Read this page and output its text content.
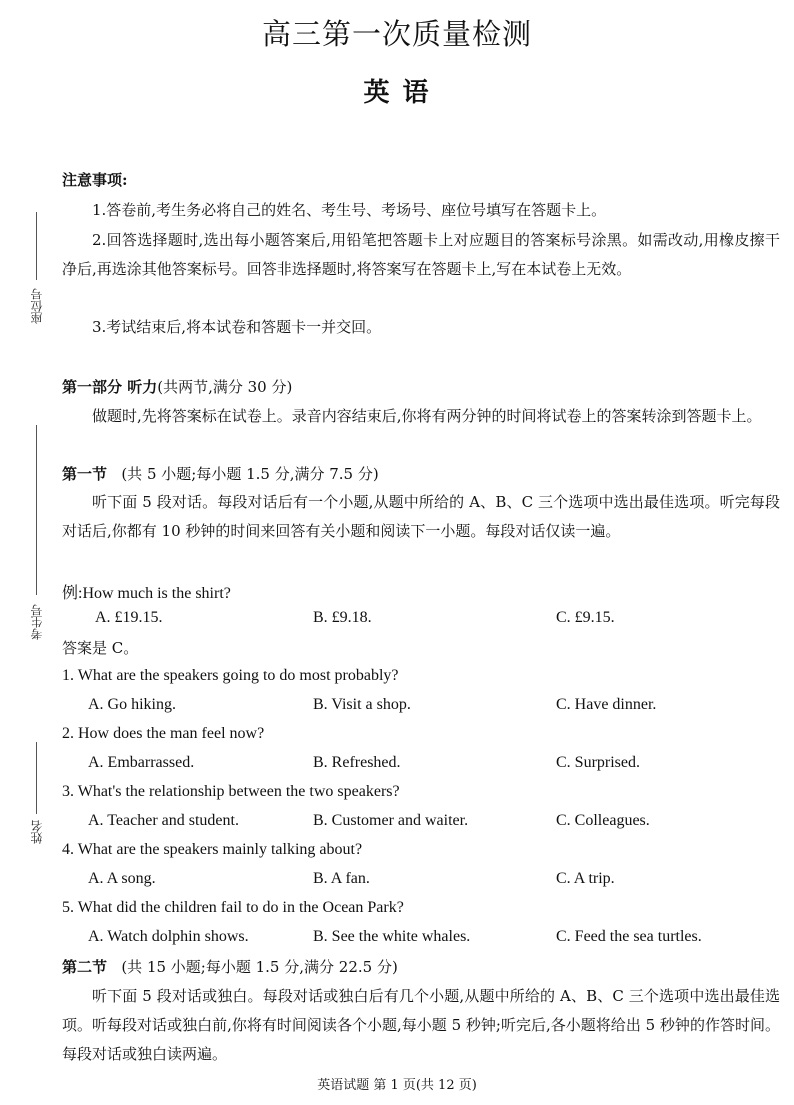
高三第一次质量检测
英 语
座位号
考生号
姓名
注意事项:
1.答卷前,考生务必将自己的姓名、考生号、考场号、座位号填写在答题卡上。
2.回答选择题时,选出每小题答案后,用铅笔把答题卡上对应题目的答案标号涂黑。如需改动,用橡皮擦干净后,再选涂其他答案标号。回答非选择题时,将答案写在答题卡上,写在本试卷上无效。
3.考试结束后,将本试卷和答题卡一并交回。
第一部分 听力(共两节,满分 30 分)
做题时,先将答案标在试卷上。录音内容结束后,你将有两分钟的时间将试卷上的答案转涂到答题卡上。
第一节 (共 5 小题;每小题 1.5 分,满分 7.5 分)
听下面 5 段对话。每段对话后有一个小题,从题中所给的 A、B、C 三个选项中选出最佳选项。听完每段对话后,你都有 10 秒钟的时间来回答有关小题和阅读下一小题。每段对话仅读一遍。
例:How much is the shirt?
A. £19.15.	B. £9.18.	C. £9.15.
答案是 C。
1. What are the speakers going to do most probably?
A. Go hiking.	B. Visit a shop.	C. Have dinner.
2. How does the man feel now?
A. Embarrassed.	B. Refreshed.	C. Surprised.
3. What's the relationship between the two speakers?
A. Teacher and student.	B. Customer and waiter.	C. Colleagues.
4. What are the speakers mainly talking about?
A. A song.	B. A fan.	C. A trip.
5. What did the children fail to do in the Ocean Park?
A. Watch dolphin shows.	B. See the white whales.	C. Feed the sea turtles.
第二节 (共 15 小题;每小题 1.5 分,满分 22.5 分)
听下面 5 段对话或独白。每段对话或独白后有几个小题,从题中所给的 A、B、C 三个选项中选出最佳选项。听每段对话或独白前,你将有时间阅读各个小题,每小题 5 秒钟;听完后,各小题将给出 5 秒钟的作答时间。每段对话或独白读两遍。
英语试题 第 1 页(共 12 页)
